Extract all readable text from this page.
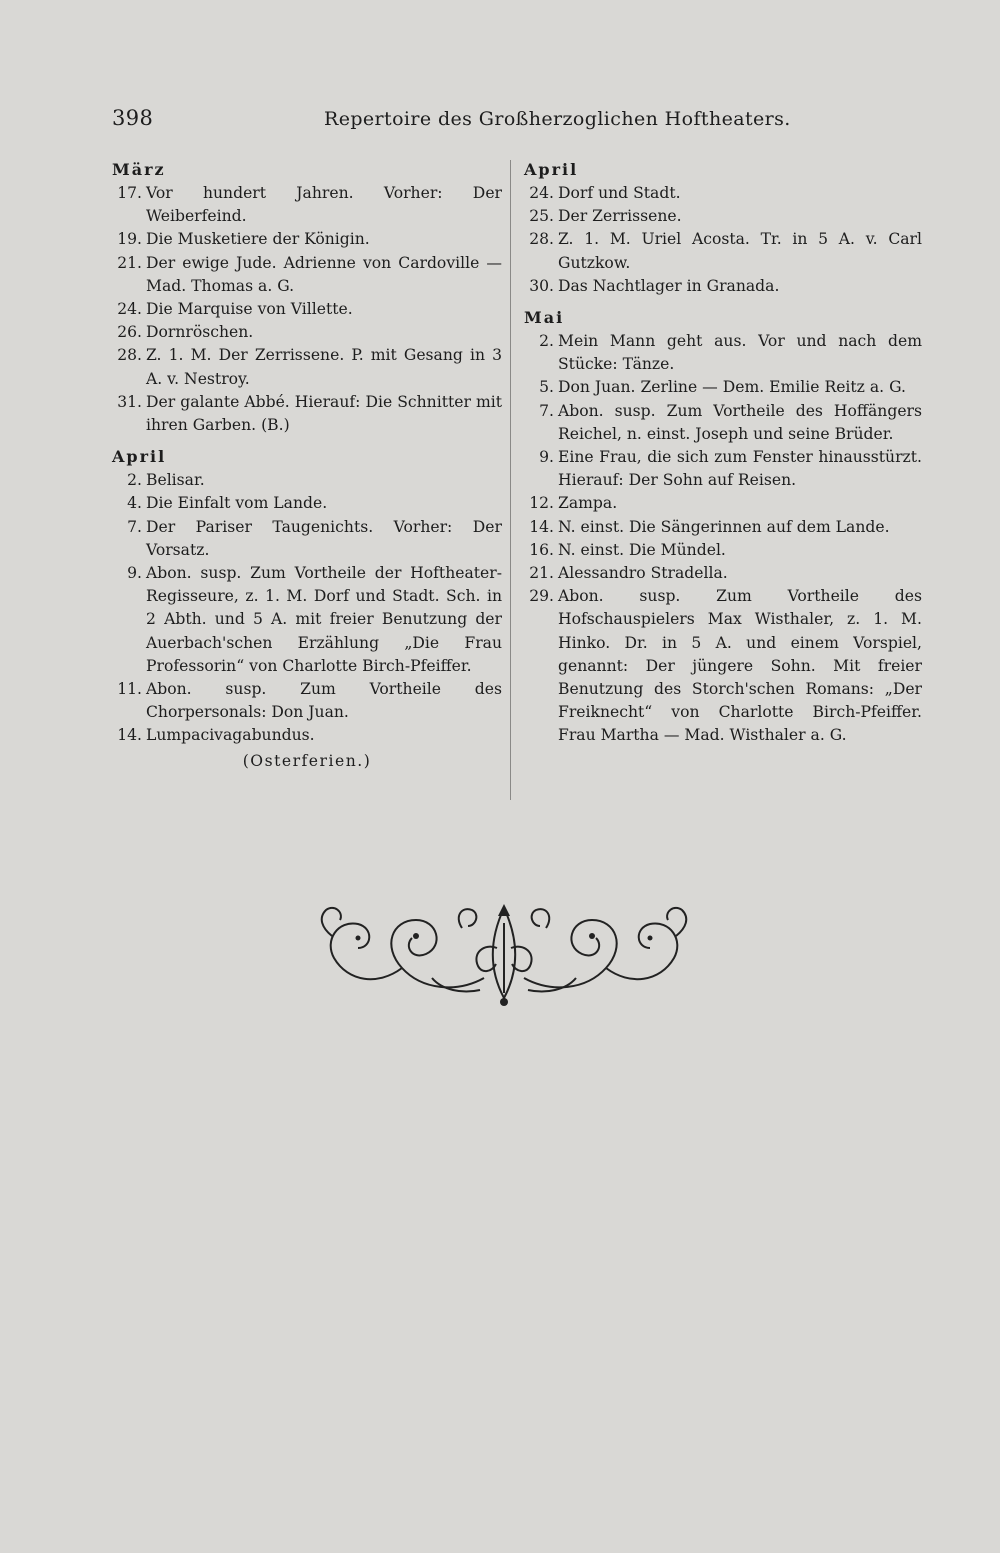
398	Repertoire des Großherzoglichen Hoftheaters.
März
17. Vor hundert Jahren. Vorher: Der Weiberfeind.
19. Die Musketiere der Königin.
21. Der ewige Jude. Adrienne von Cardoville — Mad. Thomas a. G.
24. Die Marquise von Villette.
26. Dornröschen.
28. Z. 1. M. Der Zerrissene. P. mit Gesang in 3 A. v. Nestroy.
31. Der galante Abbé. Hierauf: Die Schnitter mit ihren Garben. (B.)
April
2. Belisar.
4. Die Einfalt vom Lande.
7. Der Pariser Taugenichts. Vorher: Der Vorsatz.
9. Abon. susp. Zum Vortheile der Hoftheater-Regisseure, z. 1. M. Dorf und Stadt. Sch. in 2 Abth. und 5 A. mit freier Benutzung der Auerbach'schen Erzählung „Die Frau Professorin“ von Charlotte Birch-Pfeiffer.
11. Abon. susp. Zum Vortheile des Chorpersonals: Don Juan.
14. Lumpacivagabundus.
(Osterferien.)
April
24. Dorf und Stadt.
25. Der Zerrissene.
28. Z. 1. M. Uriel Acosta. Tr. in 5 A. v. Carl Gutzkow.
30. Das Nachtlager in Granada.
Mai
2. Mein Mann geht aus. Vor und nach dem Stücke: Tänze.
5. Don Juan. Zerline — Dem. Emilie Reitz a. G.
7. Abon. susp. Zum Vortheile des Hoffängers Reichel, n. einst. Joseph und seine Brüder.
9. Eine Frau, die sich zum Fenster hinausstürzt. Hierauf: Der Sohn auf Reisen.
12. Zampa.
14. N. einst. Die Sängerinnen auf dem Lande.
16. N. einst. Die Mündel.
21. Alessandro Stradella.
29. Abon. susp. Zum Vortheile des Hofschauspielers Max Wisthaler, z. 1. M. Hinko. Dr. in 5 A. und einem Vorspiel, genannt: Der jüngere Sohn. Mit freier Benutzung des Storch'schen Romans: „Der Freiknecht“ von Charlotte Birch-Pfeiffer. Frau Martha — Mad. Wisthaler a. G.
